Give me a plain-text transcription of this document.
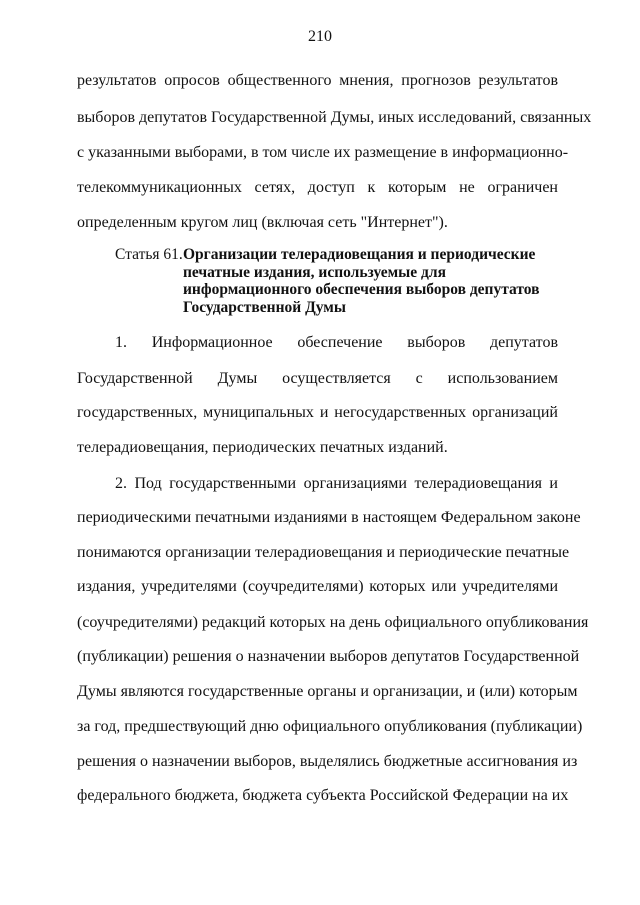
210
результатов опросов общественного мнения, прогнозов результатов
выборов депутатов Государственной Думы, иных исследований, связанных
с указанными выборами, в том числе их размещение в информационно-
телекоммуникационных сетях, доступ к которым не ограничен
определенным кругом лиц (включая сеть "Интернет").
Статья 61. Организации телерадиовещания и периодические
печатные издания, используемые для
информационного обеспечения выборов депутатов
Государственной Думы
1. Информационное обеспечение выборов депутатов
Государственной Думы осуществляется с использованием
государственных, муниципальных и негосударственных организаций
телерадиовещания, периодических печатных изданий.
2. Под государственными организациями телерадиовещания и
периодическими печатными изданиями в настоящем Федеральном законе
понимаются организации телерадиовещания и периодические печатные
издания, учредителями (соучредителями) которых или учредителями
(соучредителями) редакций которых на день официального опубликования
(публикации) решения о назначении выборов депутатов Государственной
Думы являются государственные органы и организации, и (или) которым
за год, предшествующий дню официального опубликования (публикации)
решения о назначении выборов, выделялись бюджетные ассигнования из
федерального бюджета, бюджета субъекта Российской Федерации на их
